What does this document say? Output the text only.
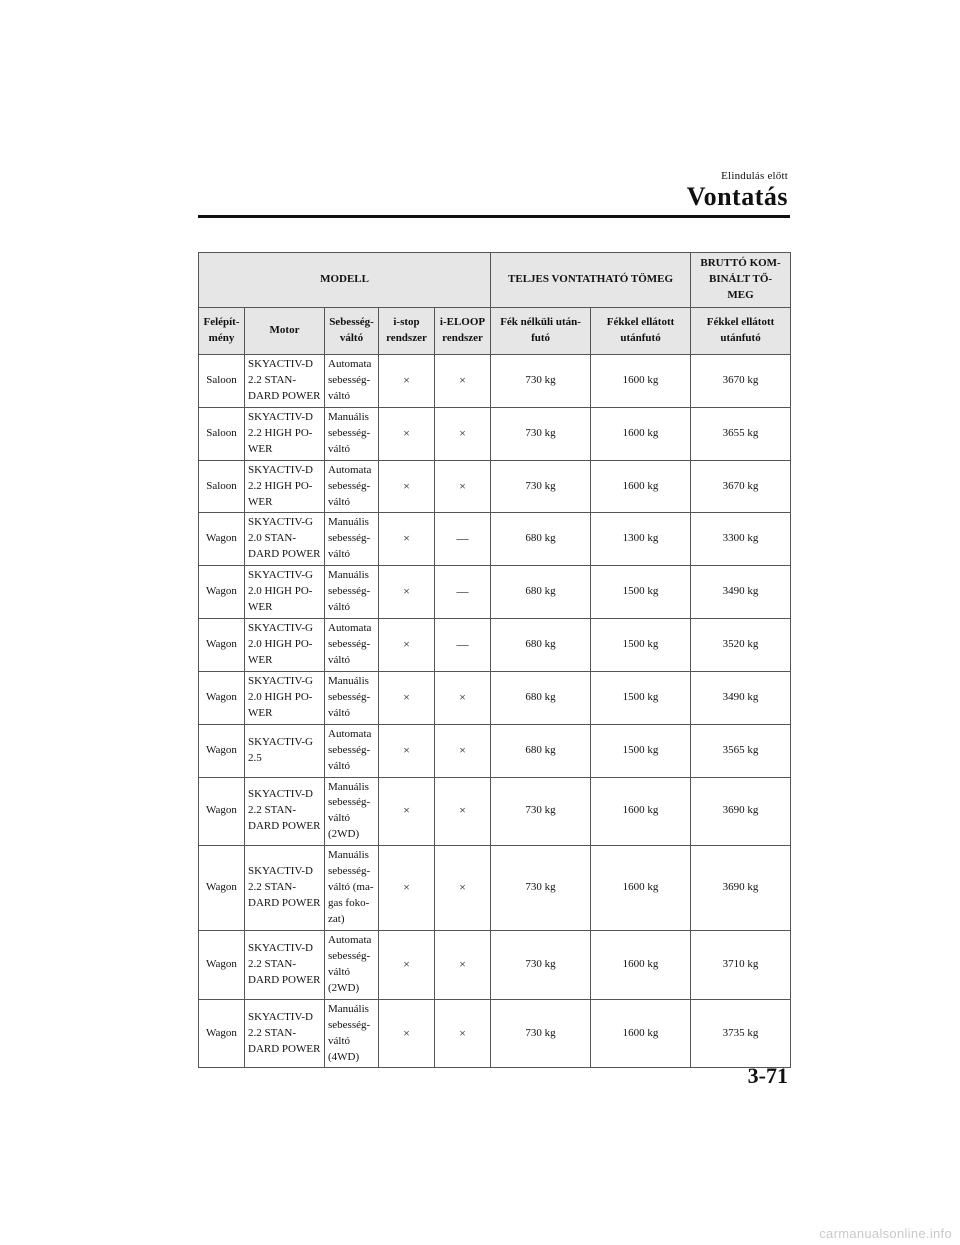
Elindulás előtt
Vontatás
MODELL					TELJES VONTATHATÓ TÖMEG		BRUTTÓ KOM-
BINÁLT TŐ-
MEG
Felépít-
mény	Motor	Sebesség-
váltó	i-stop
rendszer	i-ELOOP
rendszer	Fék nélküli után-
futó	Fékkel ellátott
utánfutó	Fékkel ellátott
utánfutó
Saloon	SKYACTIV-D
2.2 STAN-
DARD POWER	Automata
sebesség-
váltó	×	×	730 kg	1600 kg	3670 kg
Saloon	SKYACTIV-D
2.2 HIGH PO-
WER	Manuális
sebesség-
váltó	×	×	730 kg	1600 kg	3655 kg
Saloon	SKYACTIV-D
2.2 HIGH PO-
WER	Automata
sebesség-
váltó	×	×	730 kg	1600 kg	3670 kg
Wagon	SKYACTIV-G
2.0 STAN-
DARD POWER	Manuális
sebesség-
váltó	×	—	680 kg	1300 kg	3300 kg
Wagon	SKYACTIV-G
2.0 HIGH PO-
WER	Manuális
sebesség-
váltó	×	—	680 kg	1500 kg	3490 kg
Wagon	SKYACTIV-G
2.0 HIGH PO-
WER	Automata
sebesség-
váltó	×	—	680 kg	1500 kg	3520 kg
Wagon	SKYACTIV-G
2.0 HIGH PO-
WER	Manuális
sebesség-
váltó	×	×	680 kg	1500 kg	3490 kg
Wagon	SKYACTIV-G
2.5	Automata
sebesség-
váltó	×	×	680 kg	1500 kg	3565 kg
Wagon	SKYACTIV-D
2.2 STAN-
DARD POWER	Manuális
sebesség-
váltó
(2WD)	×	×	730 kg	1600 kg	3690 kg
Wagon	SKYACTIV-D
2.2 STAN-
DARD POWER	Manuális
sebesség-
váltó (ma-
gas foko-
zat)	×	×	730 kg	1600 kg	3690 kg
Wagon	SKYACTIV-D
2.2 STAN-
DARD POWER	Automata
sebesség-
váltó
(2WD)	×	×	730 kg	1600 kg	3710 kg
Wagon	SKYACTIV-D
2.2 STAN-
DARD POWER	Manuális
sebesség-
váltó
(4WD)	×	×	730 kg	1600 kg	3735 kg
3-71
carmanualsonline.info
